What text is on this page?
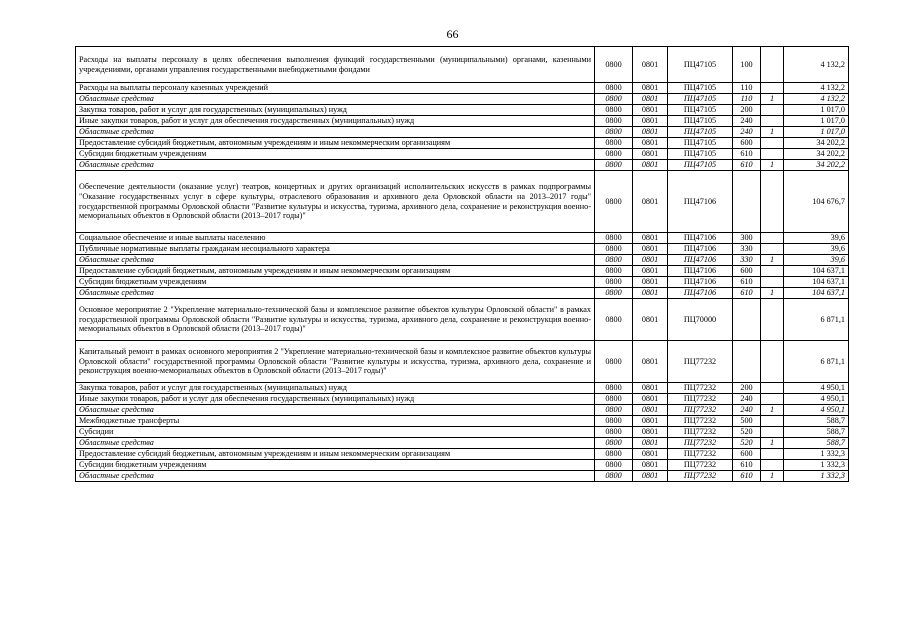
66
Расходы на выплаты персоналу в целях обеспечения выполнения функций государственными (муниципальными) органами, казенными учреждениями, органами управления государственными внебюджетными фондами	0800	0801	ПЦ47105	100		4 132,2
Расходы на выплаты персоналу казенных учреждений	0800	0801	ПЦ47105	110		4 132,2
Областные средства	0800	0801	ПЦ47105	110	1	4 132,2
Закупка товаров, работ и услуг для государственных (муниципальных) нужд	0800	0801	ПЦ47105	200		1 017,0
Иные закупки товаров, работ и услуг для обеспечения государственных (муниципальных) нужд	0800	0801	ПЦ47105	240		1 017,0
Областные средства	0800	0801	ПЦ47105	240	1	1 017,0
Предоставление субсидий бюджетным, автономным учреждениям и иным некоммерческим организациям	0800	0801	ПЦ47105	600		34 202,2
Субсидии бюджетным учреждениям	0800	0801	ПЦ47105	610		34 202,2
Областные средства	0800	0801	ПЦ47105	610	1	34 202,2
Обеспечение деятельности (оказание услуг) театров, концертных и других организаций исполнительских искусств в рамках подпрограммы "Оказание государственных услуг в сфере культуры, отраслевого образования и архивного дела Орловской области на 2013–2017 годы" государственной программы Орловской области "Развитие культуры и искусства, туризма, архивного дела, сохранение и реконструкция военно-мемориальных объектов в Орловской области (2013–2017 годы)"	0800	0801	ПЦ47106			104 676,7
Социальное обеспечение и иные выплаты населению	0800	0801	ПЦ47106	300		39,6
Публичные нормативные выплаты гражданам несоциального характера	0800	0801	ПЦ47106	330		39,6
Областные средства	0800	0801	ПЦ47106	330	1	39,6
Предоставление субсидий бюджетным, автономным учреждениям и иным некоммерческим организациям	0800	0801	ПЦ47106	600		104 637,1
Субсидии бюджетным учреждениям	0800	0801	ПЦ47106	610		104 637,1
Областные средства	0800	0801	ПЦ47106	610	1	104 637,1
Основное мероприятие 2 "Укрепление материально-технической базы и комплексное развитие объектов культуры Орловской области" в рамках государственной программы Орловской области "Развитие культуры и искусства, туризма, архивного дела, сохранение и реконструкция военно-мемориальных объектов в Орловской области (2013–2017 годы)"	0800	0801	ПЦ70000			6 871,1
Капитальный ремонт в рамках основного мероприятия 2 "Укрепление материально-технической базы и комплексное развитие объектов культуры Орловской области" государственной программы Орловской области "Развитие культуры и искусства, туризма, архивного дела, сохранение и реконструкция военно-мемориальных объектов в Орловской области (2013–2017 годы)"	0800	0801	ПЦ77232			6 871,1
Закупка товаров, работ и услуг для государственных (муниципальных) нужд	0800	0801	ПЦ77232	200		4 950,1
Иные закупки товаров, работ и услуг для обеспечения государственных (муниципальных) нужд	0800	0801	ПЦ77232	240		4 950,1
Областные средства	0800	0801	ПЦ77232	240	1	4 950,1
Межбюджетные трансферты	0800	0801	ПЦ77232	500		588,7
Субсидии	0800	0801	ПЦ77232	520		588,7
Областные средства	0800	0801	ПЦ77232	520	1	588,7
Предоставление субсидий бюджетным, автономным учреждениям и иным некоммерческим организациям	0800	0801	ПЦ77232	600		1 332,3
Субсидии бюджетным учреждениям	0800	0801	ПЦ77232	610		1 332,3
Областные средства	0800	0801	ПЦ77232	610	1	1 332,3
